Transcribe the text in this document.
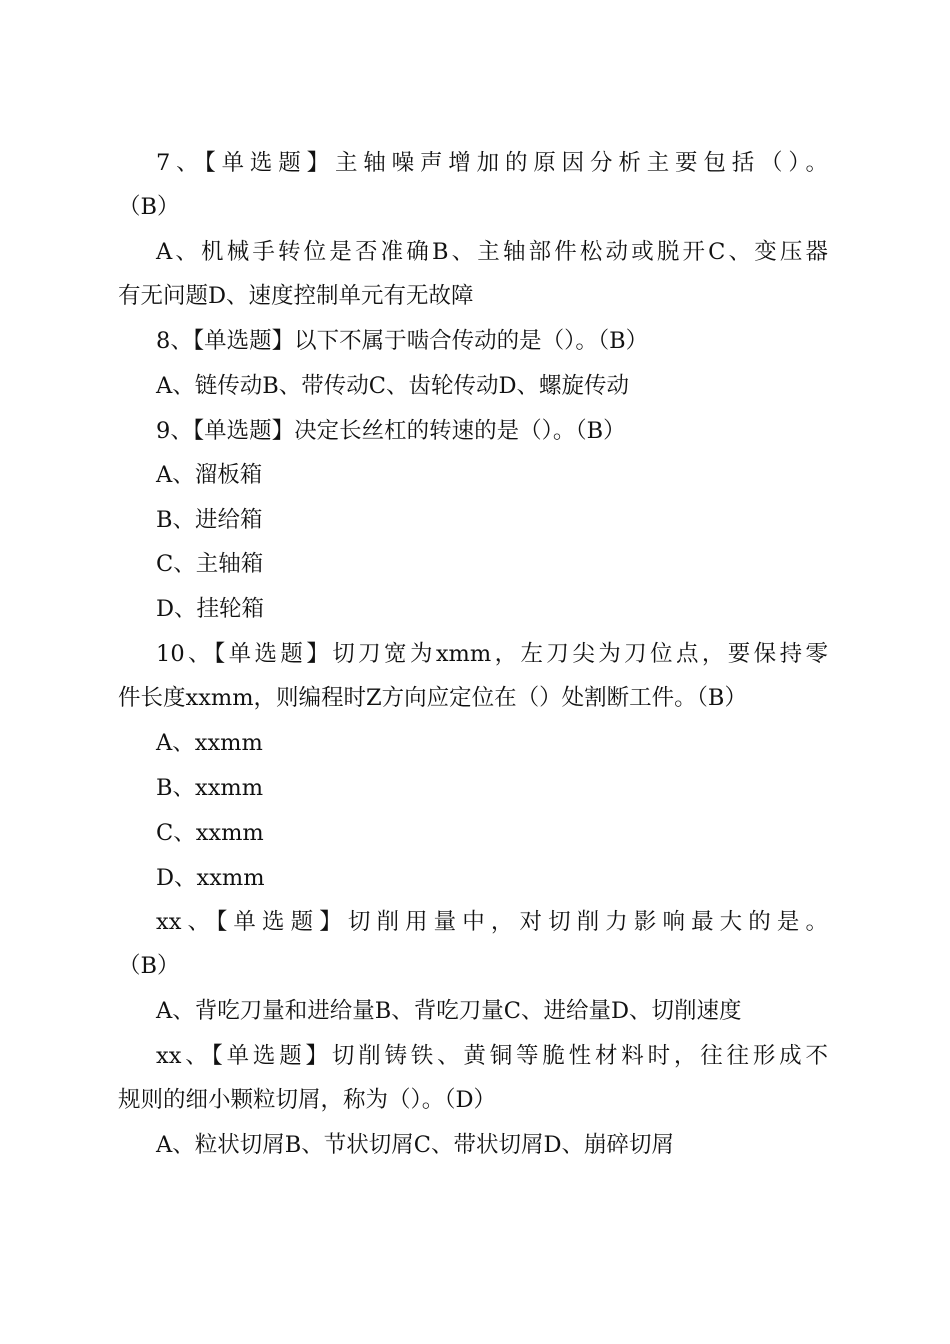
7、【单选题】主轴噪声增加的原因分析主要包括（）。
（B）
A、机械手转位是否准确B、主轴部件松动或脱开C、变压器
有无问题D、速度控制单元有无故障
8、【单选题】以下不属于啮合传动的是（）。（B）
A、链传动B、带传动C、齿轮传动D、螺旋传动
9、【单选题】决定长丝杠的转速的是（）。（B）
A、溜板箱
B、进给箱
C、主轴箱
D、挂轮箱
10、【单选题】切刀宽为xmm，左刀尖为刀位点，要保持零
件长度xxmm，则编程时Z方向应定位在（）处割断工件。（B）
A、xxmm
B、xxmm
C、xxmm
D、xxmm
xx、【单选题】切削用量中，对切削力影响最大的是。
（B）
A、背吃刀量和进给量B、背吃刀量C、进给量D、切削速度
xx、【单选题】切削铸铁、黄铜等脆性材料时，往往形成不
规则的细小颗粒切屑，称为（）。（D）
A、粒状切屑B、节状切屑C、带状切屑D、崩碎切屑
